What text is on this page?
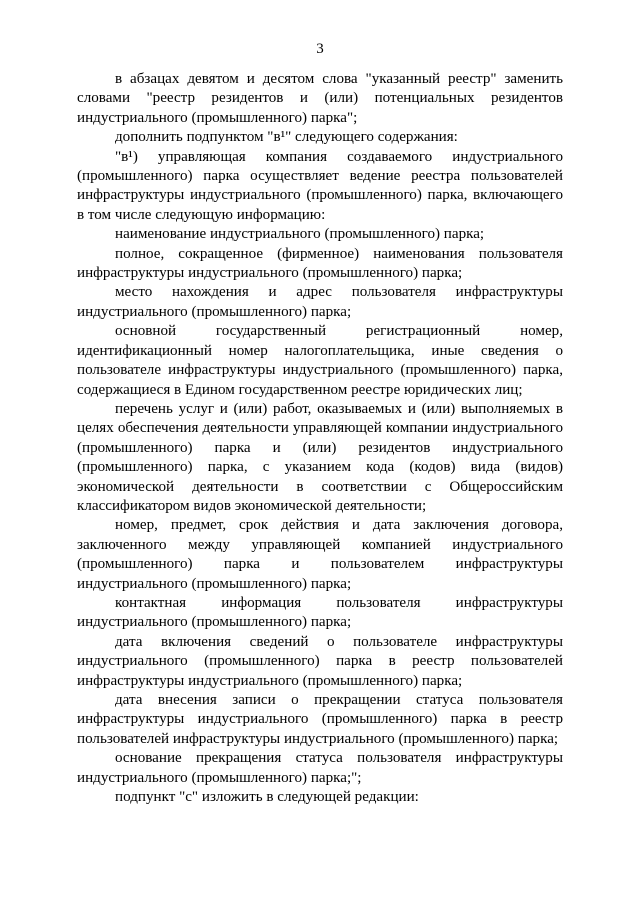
3

в абзацах девятом и десятом слова "указанный реестр" заменить словами "реестр резидентов и (или) потенциальных резидентов индустриального (промышленного) парка";

дополнить подпунктом "в¹" следующего содержания:

"в¹) управляющая компания создаваемого индустриального (промышленного) парка осуществляет ведение реестра пользователей инфраструктуры индустриального (промышленного) парка, включающего в том числе следующую информацию:

наименование индустриального (промышленного) парка;

полное, сокращенное (фирменное) наименования пользователя инфраструктуры индустриального (промышленного) парка;

место нахождения и адрес пользователя инфраструктуры индустриального (промышленного) парка;

основной государственный регистрационный номер, идентификационный номер налогоплательщика, иные сведения о пользователе инфраструктуры индустриального (промышленного) парка, содержащиеся в Едином государственном реестре юридических лиц;

перечень услуг и (или) работ, оказываемых и (или) выполняемых в целях обеспечения деятельности управляющей компании индустриального (промышленного) парка и (или) резидентов индустриального (промышленного) парка, с указанием кода (кодов) вида (видов) экономической деятельности в соответствии с Общероссийским классификатором видов экономической деятельности;

номер, предмет, срок действия и дата заключения договора, заключенного между управляющей компанией индустриального (промышленного) парка и пользователем инфраструктуры индустриального (промышленного) парка;

контактная информация пользователя инфраструктуры индустриального (промышленного) парка;

дата включения сведений о пользователе инфраструктуры индустриального (промышленного) парка в реестр пользователей инфраструктуры индустриального (промышленного) парка;

дата внесения записи о прекращении статуса пользователя инфраструктуры индустриального (промышленного) парка в реестр пользователей инфраструктуры индустриального (промышленного) парка;

основание прекращения статуса пользователя инфраструктуры индустриального (промышленного) парка;";

подпункт "с" изложить в следующей редакции:
